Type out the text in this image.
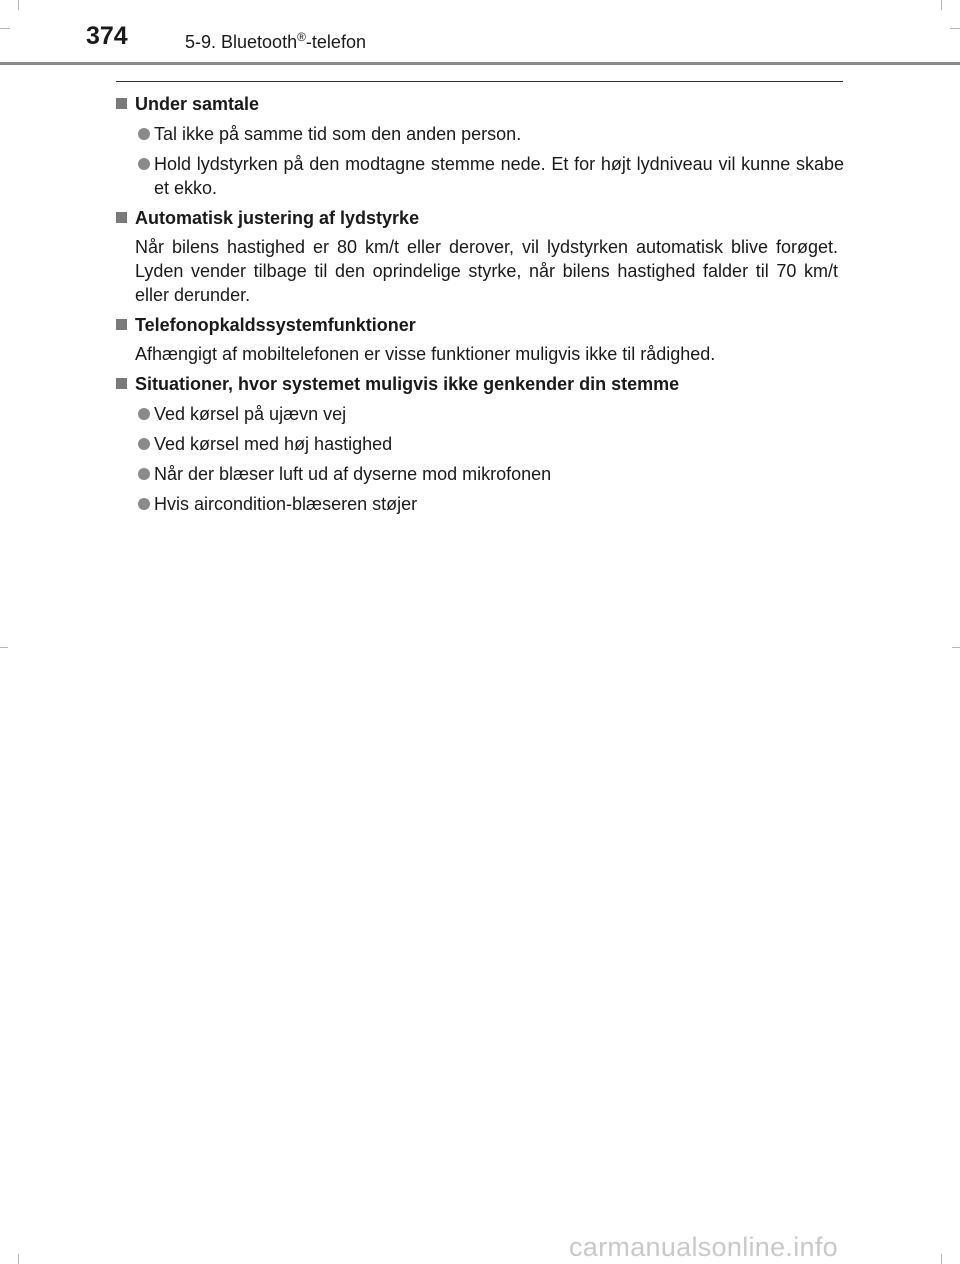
374	5-9. Bluetooth®-telefon
Under samtale
Tal ikke på samme tid som den anden person.
Hold lydstyrken på den modtagne stemme nede. Et for højt lydniveau vil kunne skabe et ekko.
Automatisk justering af lydstyrke
Når bilens hastighed er 80 km/t eller derover, vil lydstyrken automatisk blive forøget. Lyden vender tilbage til den oprindelige styrke, når bilens hastighed falder til 70 km/t eller derunder.
Telefonopkaldssystemfunktioner
Afhængigt af mobiltelefonen er visse funktioner muligvis ikke til rådighed.
Situationer, hvor systemet muligvis ikke genkender din stemme
Ved kørsel på ujævn vej
Ved kørsel med høj hastighed
Når der blæser luft ud af dyserne mod mikrofonen
Hvis aircondition-blæseren støjer
carmanualsonline.info
